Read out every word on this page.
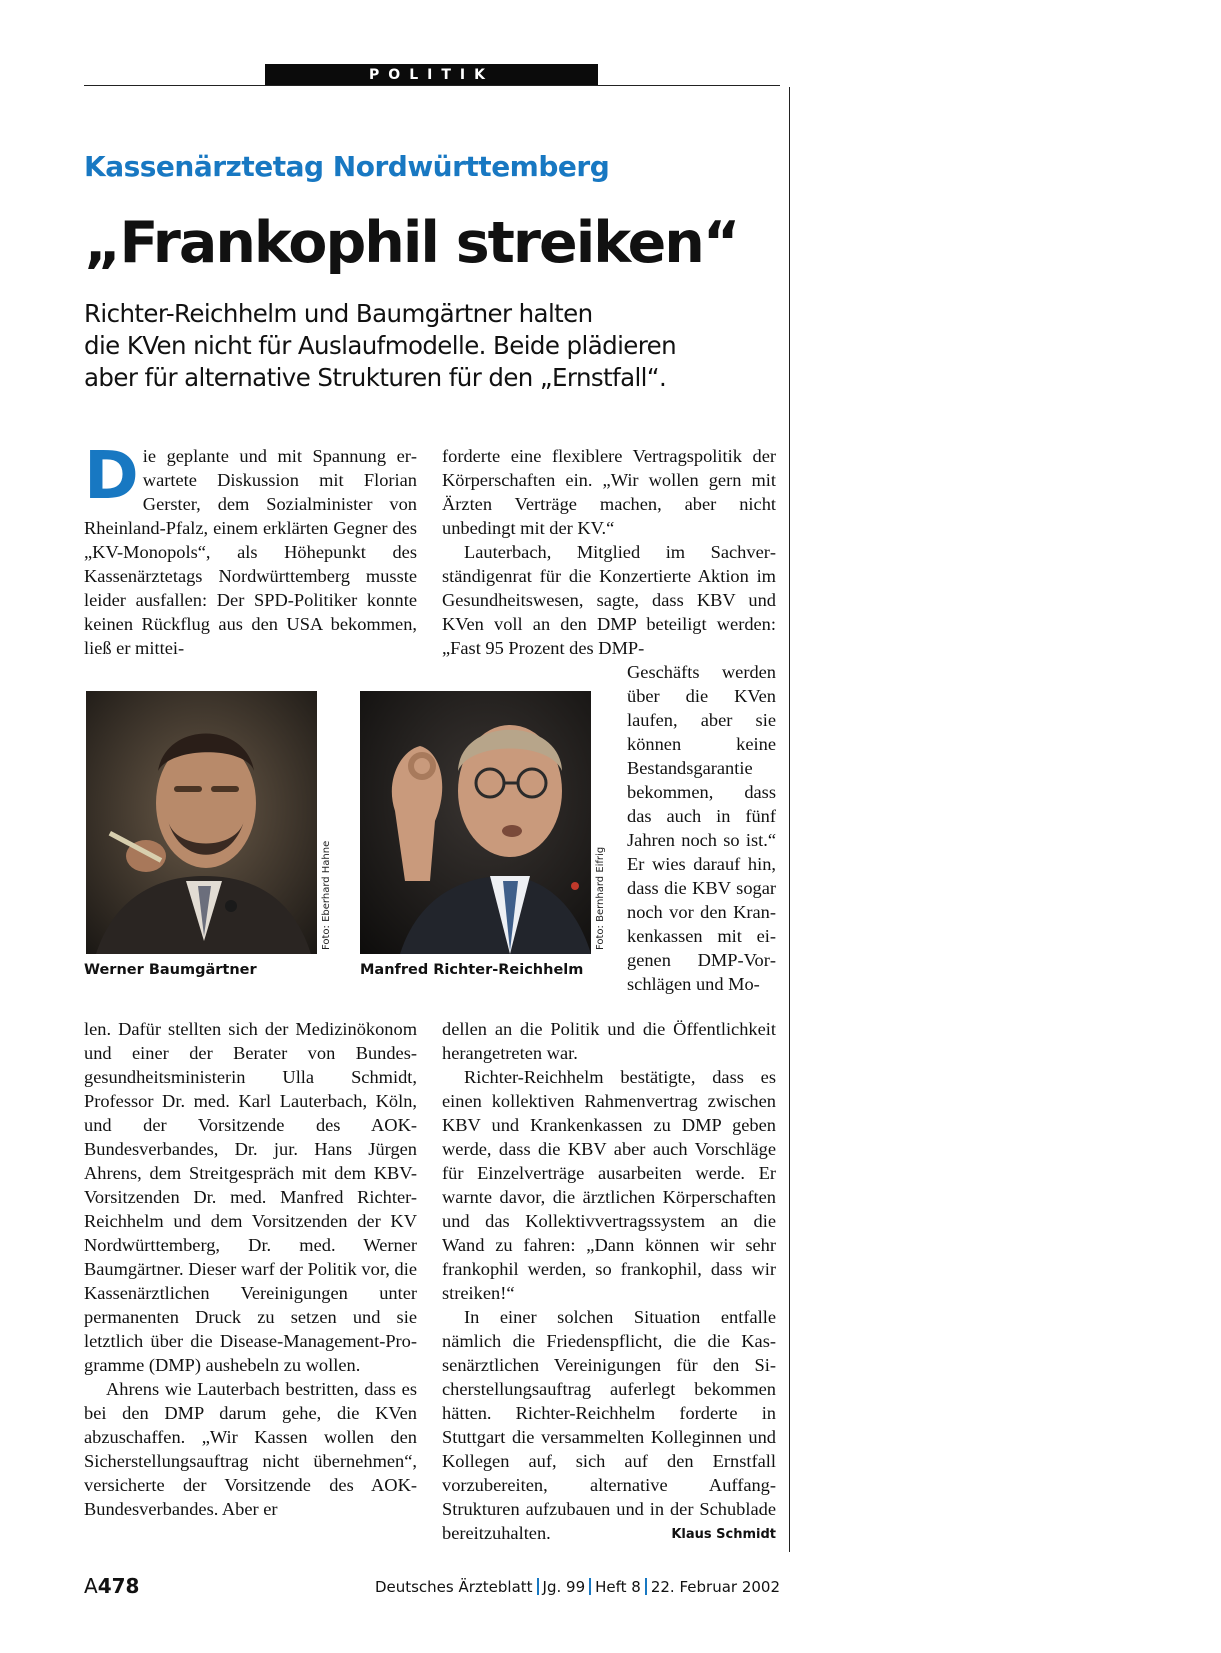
POLITIK
Kassenärztetag Nordwürttemberg
„Frankophil streiken“
Richter-Reichhelm und Baumgärtner halten
die KVen nicht für Auslaufmodelle. Beide plädieren
aber für alternative Strukturen für den „Ernstfall“.

Die geplante und mit Spannung erwartete Diskussion mit Florian Gerster, dem Sozialminister von Rheinland-Pfalz, einem erklärten Gegner des „KV-Monopols“, als Höhepunkt des Kassenärztetags Nordwürttemberg musste leider ausfallen: Der SPD-Politiker konnte keinen Rückflug aus den USA bekommen, ließ er mittei-

Foto: Eberhard Hahne
Werner Baumgärtner
Foto: Bernhard Eifrig
Manfred Richter-Reichhelm

len. Dafür stellten sich der Medizinökonom und einer der Berater von Bundesgesundheitsministerin Ulla Schmidt, Professor Dr. med. Karl Lauterbach, Köln, und der Vorsitzende des AOK-Bundesverbandes, Dr. jur. Hans Jürgen Ahrens, dem Streitgespräch mit dem KBV-Vorsitzenden Dr. med. Manfred Richter-Reichhelm und dem Vorsitzenden der KV Nordwürttemberg, Dr. med. Werner Baumgärtner. Dieser warf der Politik vor, die Kassenärztlichen Vereinigungen unter permanenten Druck zu setzen und sie letztlich über die Disease-Management-Programme (DMP) aushebeln zu wollen.

Ahrens wie Lauterbach bestritten, dass es bei den DMP darum gehe, die KVen abzuschaffen. „Wir Kassen wollen den Sicherstellungsauftrag nicht übernehmen“, versicherte der Vorsitzende des AOK-Bundesverbandes. Aber er

forderte eine flexiblere Vertragspolitik der Körperschaften ein. „Wir wollen gern mit Ärzten Verträge machen, aber nicht unbedingt mit der KV.“

Lauterbach, Mitglied im Sachverständigenrat für die Konzertierte Aktion im Gesundheitswesen, sagte, dass KBV und KVen voll an den DMP beteiligt werden: „Fast 95 Prozent des DMP-

Geschäfts werden über die KVen laufen, aber sie können keine Bestandsgarantie bekommen, dass das auch in fünf Jahren noch so ist.“ Er wies darauf hin, dass die KBV sogar noch vor den Krankenkassen mit eigenen DMP-Vorschlägen und Mo-

dellen an die Politik und die Öffentlichkeit herangetreten war.

Richter-Reichhelm bestätigte, dass es einen kollektiven Rahmenvertrag zwischen KBV und Krankenkassen zu DMP geben werde, dass die KBV aber auch Vorschläge für Einzelverträge ausarbeiten werde. Er warnte davor, die ärztlichen Körperschaften und das Kollektivvertragssystem an die Wand zu fahren: „Dann können wir sehr frankophil werden, so frankophil, dass wir streiken!“

In einer solchen Situation entfalle nämlich die Friedenspflicht, die die Kassenärztlichen Vereinigungen für den Sicherstellungsauftrag auferlegt bekommen hätten. Richter-Reichhelm forderte in Stuttgart die versammelten Kolleginnen und Kollegen auf, sich auf den Ernstfall vorzubereiten, alternative Auffang-Strukturen aufzubauen und in der Schublade bereitzuhalten.	Klaus Schmidt

A478	Deutsches Ärzteblatt Jg. 99 Heft 8 22. Februar 2002
